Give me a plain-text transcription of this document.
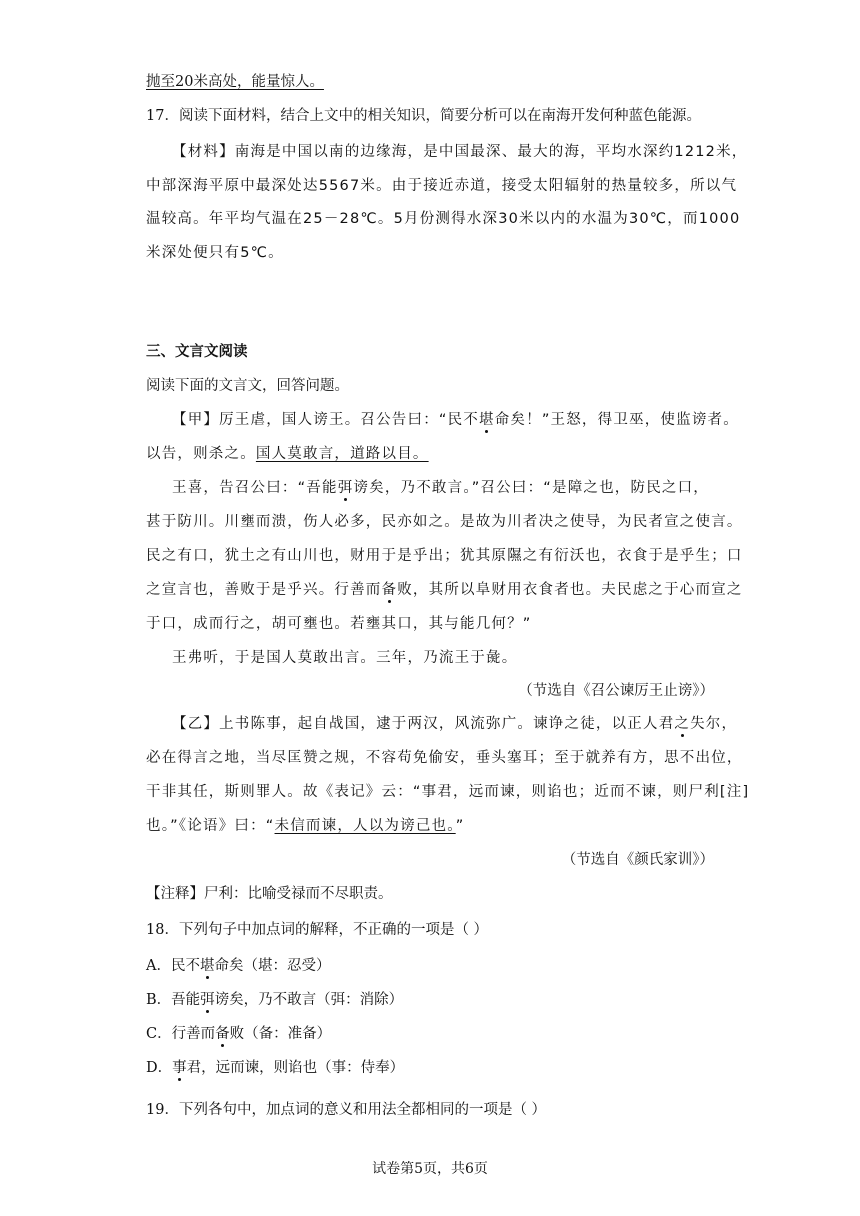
抛至20米高处，能量惊人。
17．阅读下面材料，结合上文中的相关知识，简要分析可以在南海开发何种蓝色能源。
【材料】南海是中国以南的边缘海，是中国最深、最大的海，平均水深约1212米，
中部深海平原中最深处达5567米。由于接近赤道，接受太阳辐射的热量较多，所以气
温较高。年平均气温在25－28℃。5月份测得水深30米以内的水温为30℃，而1000
米深处便只有5℃。
三、文言文阅读
阅读下面的文言文，回答问题。
【甲】厉王虐，国人谤王。召公告曰：“民不堪命矣！”王怒，得卫巫，使监谤者。
以告，则杀之。国人莫敢言，道路以目。
王喜，告召公曰：“吾能弭谤矣，乃不敢言。”召公曰：“是障之也，防民之口，
甚于防川。川壅而溃，伤人必多，民亦如之。是故为川者决之使导，为民者宣之使言。
民之有口，犹土之有山川也，财用于是乎出；犹其原隰之有衍沃也，衣食于是乎生；口
之宣言也，善败于是乎兴。行善而备败，其所以阜财用衣食者也。夫民虑之于心而宣之
于口，成而行之，胡可壅也。若壅其口，其与能几何？”
王弗听，于是国人莫敢出言。三年，乃流王于彘。
（节选自《召公谏厉王止谤》）
【乙】上书陈事，起自战国，逮于两汉，风流弥广。谏诤之徒，以正人君之失尔，
必在得言之地，当尽匡赞之规，不容苟免偷安，垂头塞耳；至于就养有方，思不出位，
干非其任，斯则罪人。故《表记》云：“事君，远而谏，则谄也；近而不谏，则尸利[注]
也。”《论语》曰：“未信而谏，人以为谤己也。”
（节选自《颜氏家训》）
【注释】尸利：比喻受禄而不尽职责。
18．下列句子中加点词的解释，不正确的一项是（ ）
A．民不堪命矣（堪：忍受）
B．吾能弭谤矣，乃不敢言（弭：消除）
C．行善而备败（备：准备）
D．事君，远而谏，则谄也（事：侍奉）
19．下列各句中，加点词的意义和用法全都相同的一项是（ ）
试卷第5页，共6页
